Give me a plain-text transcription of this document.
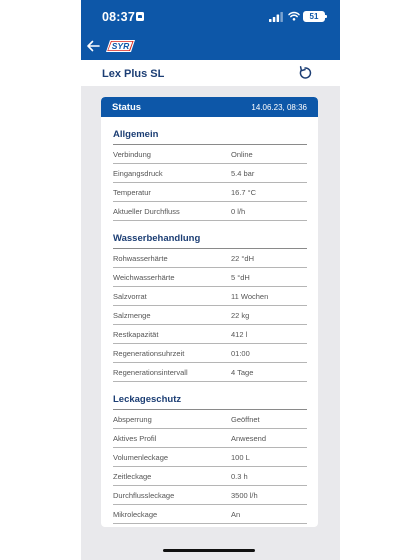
08:37	51
SYR
Lex Plus SL
Status	14.06.23, 08:36
Allgemein
Verbindung	Online
Eingangsdruck	5.4 bar
Temperatur	16.7 °C
Aktueller Durchfluss	0 l/h
Wasserbehandlung
Rohwasserhärte	22 °dH
Weichwasserhärte	5 °dH
Salzvorrat	11 Wochen
Salzmenge	22 kg
Restkapazität	412 l
Regenerationsuhrzeit	01:00
Regenerationsintervall	4 Tage
Leckageschutz
Absperrung	Geöffnet
Aktives Profil	Anwesend
Volumenleckage	100 L
Zeitleckage	0.3 h
Durchflussleckage	3500 l/h
Mikroleckage	An
